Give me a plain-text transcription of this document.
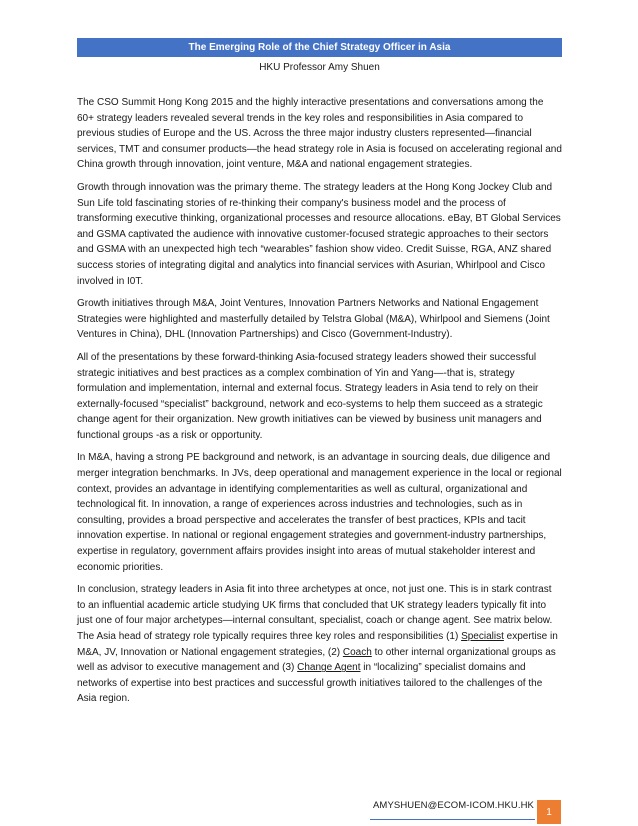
The Emerging Role of the Chief Strategy Officer in Asia
HKU Professor Amy Shuen

The CSO Summit Hong Kong 2015 and the highly interactive presentations and conversations among the 60+ strategy leaders revealed several trends in the key roles and responsibilities in Asia compared to previous studies of Europe and the US. Across the three major industry clusters represented—financial services, TMT and consumer products—the head strategy role in Asia is focused on accelerating regional and China growth through innovation, joint venture, M&A and national engagement strategies.

Growth through innovation was the primary theme. The strategy leaders at the Hong Kong Jockey Club and Sun Life told fascinating stories of re-thinking their company's business model and the process of transforming executive thinking, organizational processes and resource allocations. eBay, BT Global Services and GSMA captivated the audience with innovative customer-focused strategic approaches to their sectors and GSMA with an unexpected high tech “wearables” fashion show video. Credit Suisse, RGA, ANZ shared success stories of integrating digital and analytics into financial services with Asurian, Whirlpool and Cisco involved in I0T.

Growth initiatives through M&A, Joint Ventures, Innovation Partners Networks and National Engagement Strategies were highlighted and masterfully detailed by Telstra Global (M&A), Whirlpool and Siemens (Joint Ventures in China), DHL (Innovation Partnerships) and Cisco (Government-Industry).

All of the presentations by these forward-thinking Asia-focused strategy leaders showed their successful strategic initiatives and best practices as a complex combination of Yin and Yang—-that is, strategy formulation and implementation, internal and external focus. Strategy leaders in Asia tend to rely on their externally-focused “specialist” background, network and eco-systems to help them succeed as a strategic change agent for their organization. New growth initiatives can be viewed by business unit managers and functional groups -as a risk or opportunity.

In M&A, having a strong PE background and network, is an advantage in sourcing deals, due diligence and merger integration benchmarks. In JVs, deep operational and management experience in the local or regional context, provides an advantage in identifying complementarities as well as cultural, organizational and technological fit. In innovation, a range of experiences across industries and technologies, such as in consulting, provides a broad perspective and accelerates the transfer of best practices, KPIs and tacit innovation expertise. In national or regional engagement strategies and government-industry partnerships, expertise in regulatory, government affairs provides insight into areas of mutual stakeholder interest and economic priorities.

In conclusion, strategy leaders in Asia fit into three archetypes at once, not just one. This is in stark contrast to an influential academic article studying UK firms that concluded that UK strategy leaders typically fit into just one of four major archetypes—internal consultant, specialist, coach or change agent. See matrix below. The Asia head of strategy role typically requires three key roles and responsibilities (1) Specialist expertise in M&A, JV, Innovation or National engagement strategies, (2) Coach to other internal organizational groups as well as advisor to executive management and (3) Change Agent in “localizing” specialist domains and networks of expertise into best practices and successful growth initiatives tailored to the challenges of the Asia region.

AMYSHUEN@ECOM-ICOM.HKU.HK
1
